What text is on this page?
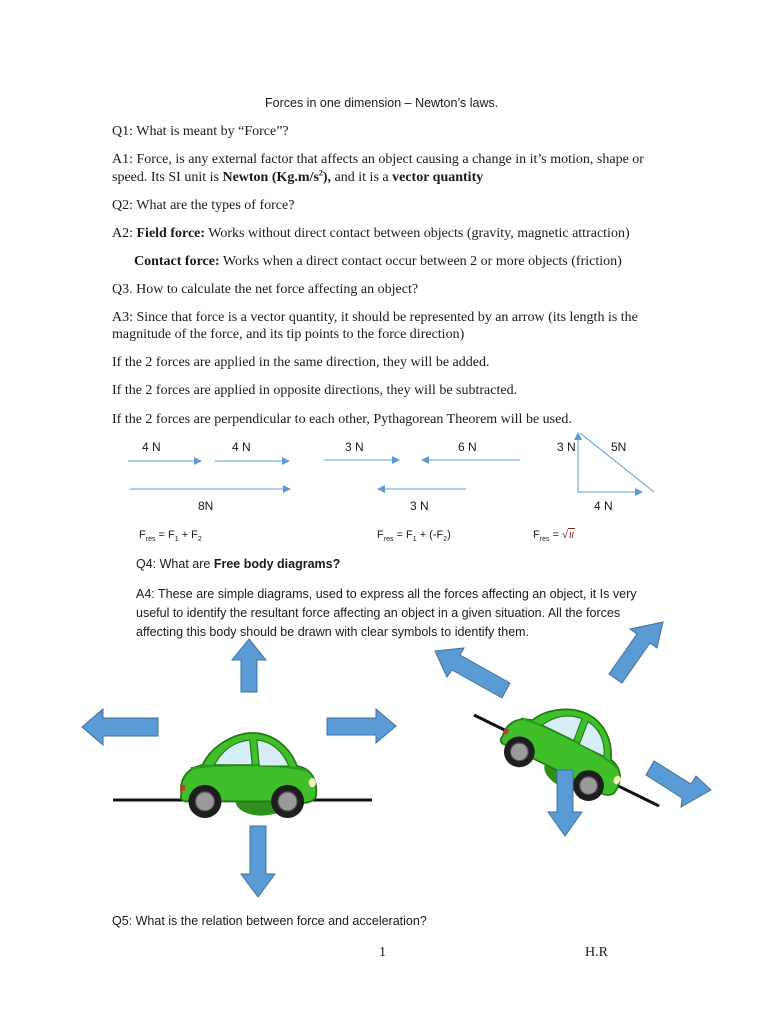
Forces in one dimension – Newton’s laws.
Q1: What is meant by “Force”?
A1: Force, is any external factor that affects an object causing a change in it’s motion, shape or
speed. Its SI unit is Newton $(Kg.m/s^2)$, and it is a vector quantity
Q2: What are the types of force?
A2: Field force: Works without direct contact between objects (gravity, magnetic attraction)
Contact force: Works when a direct contact occur between 2 or more objects (friction)
Q3. How to calculate the net force affecting an object?
A3: Since that force is a vector quantity, it should be represented by an arrow (its length is the
magnitude of the force, and its tip points to the force direction)
If the 2 forces are applied in the same direction, they will be added.
If the 2 forces are applied in opposite directions, they will be subtracted.
If the 2 forces are perpendicular to each other, Pythagorean Theorem will be used.
4 N	4 N
8N
3 N	6 N
3 N
3 N	5N
4 N
$F_{res} = F_1 + F_2$	$F_{res} = F_1 + (-F_2)$	$F_{res} = √\iota\iota$
Q4: What are Free body diagrams?
A4: These are simple diagrams, used to express all the forces affecting an object, it Is very
useful to identify the resultant force affecting an object in a given situation. All the forces
affecting this body should be drawn with clear symbols to identify them.
Q5: What is the relation between force and acceleration?
1	H.R
